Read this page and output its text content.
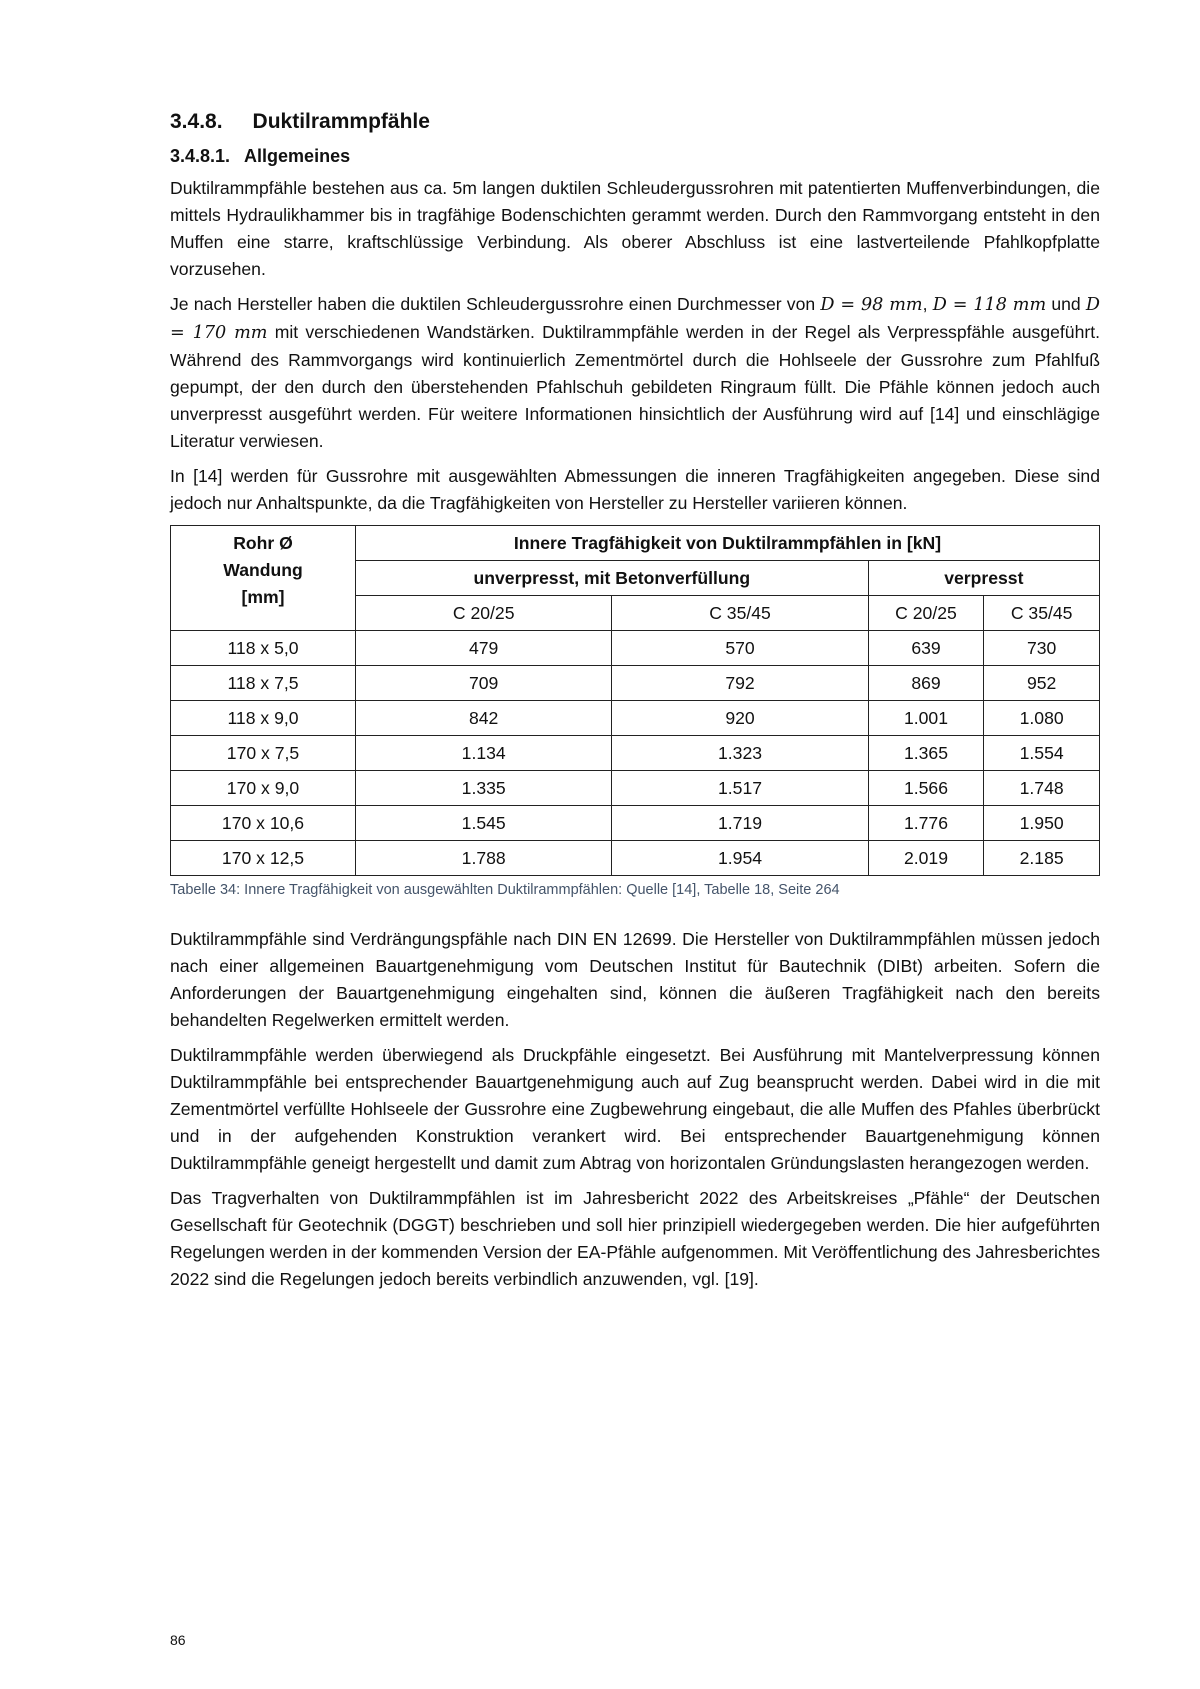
3.4.8. Duktilrammpfähle
3.4.8.1. Allgemeines

Duktilrammpfähle bestehen aus ca. 5m langen duktilen Schleudergussrohren mit patentierten Muffenverbindungen, die mittels Hydraulikhammer bis in tragfähige Bodenschichten gerammt werden. Durch den Rammvorgang entsteht in den Muffen eine starre, kraftschlüssige Verbindung. Als oberer Abschluss ist eine lastverteilende Pfahlkopfplatte vorzusehen.

Je nach Hersteller haben die duktilen Schleudergussrohre einen Durchmesser von D = 98 mm, D = 118 mm und D = 170 mm mit verschiedenen Wandstärken. Duktilrammpfähle werden in der Regel als Verpresspfähle ausgeführt. Während des Rammvorgangs wird kontinuierlich Zementmörtel durch die Hohlseele der Gussrohre zum Pfahlfuß gepumpt, der den durch den überstehenden Pfahlschuh gebildeten Ringraum füllt. Die Pfähle können jedoch auch unverpresst ausgeführt werden. Für weitere Informationen hinsichtlich der Ausführung wird auf [14] und einschlägige Literatur verwiesen.

In [14] werden für Gussrohre mit ausgewählten Abmessungen die inneren Tragfähigkeiten angegeben. Diese sind jedoch nur Anhaltspunkte, da die Tragfähigkeiten von Hersteller zu Hersteller variieren können.

Rohr Ø
Wandung
[mm]	Innere Tragfähigkeit von Duktilrammpfählen in [kN]			
	unverpresst, mit Betonverfüllung		verpresst	
	C 20/25	C 35/45	C 20/25	C 35/45
118 x 5,0	479	570	639	730
118 x 7,5	709	792	869	952
118 x 9,0	842	920	1.001	1.080
170 x 7,5	1.134	1.323	1.365	1.554
170 x 9,0	1.335	1.517	1.566	1.748
170 x 10,6	1.545	1.719	1.776	1.950
170 x 12,5	1.788	1.954	2.019	2.185
Tabelle 34: Innere Tragfähigkeit von ausgewählten Duktilrammpfählen: Quelle [14], Tabelle 18, Seite 264

Duktilrammpfähle sind Verdrängungspfähle nach DIN EN 12699. Die Hersteller von Duktilrammpfählen müssen jedoch nach einer allgemeinen Bauartgenehmigung vom Deutschen Institut für Bautechnik (DIBt) arbeiten. Sofern die Anforderungen der Bauartgenehmigung eingehalten sind, können die äußeren Tragfähigkeit nach den bereits behandelten Regelwerken ermittelt werden.

Duktilrammpfähle werden überwiegend als Druckpfähle eingesetzt. Bei Ausführung mit Mantelverpressung können Duktilrammpfähle bei entsprechender Bauartgenehmigung auch auf Zug beansprucht werden. Dabei wird in die mit Zementmörtel verfüllte Hohlseele der Gussrohre eine Zugbewehrung eingebaut, die alle Muffen des Pfahles überbrückt und in der aufgehenden Konstruktion verankert wird. Bei entsprechender Bauartgenehmigung können Duktilrammpfähle geneigt hergestellt und damit zum Abtrag von horizontalen Gründungslasten herangezogen werden.

Das Tragverhalten von Duktilrammpfählen ist im Jahresbericht 2022 des Arbeitskreises „Pfähle“ der Deutschen Gesellschaft für Geotechnik (DGGT) beschrieben und soll hier prinzipiell wiedergegeben werden. Die hier aufgeführten Regelungen werden in der kommenden Version der EA-Pfähle aufgenommen. Mit Veröffentlichung des Jahresberichtes 2022 sind die Regelungen jedoch bereits verbindlich anzuwenden, vgl. [19].

86
